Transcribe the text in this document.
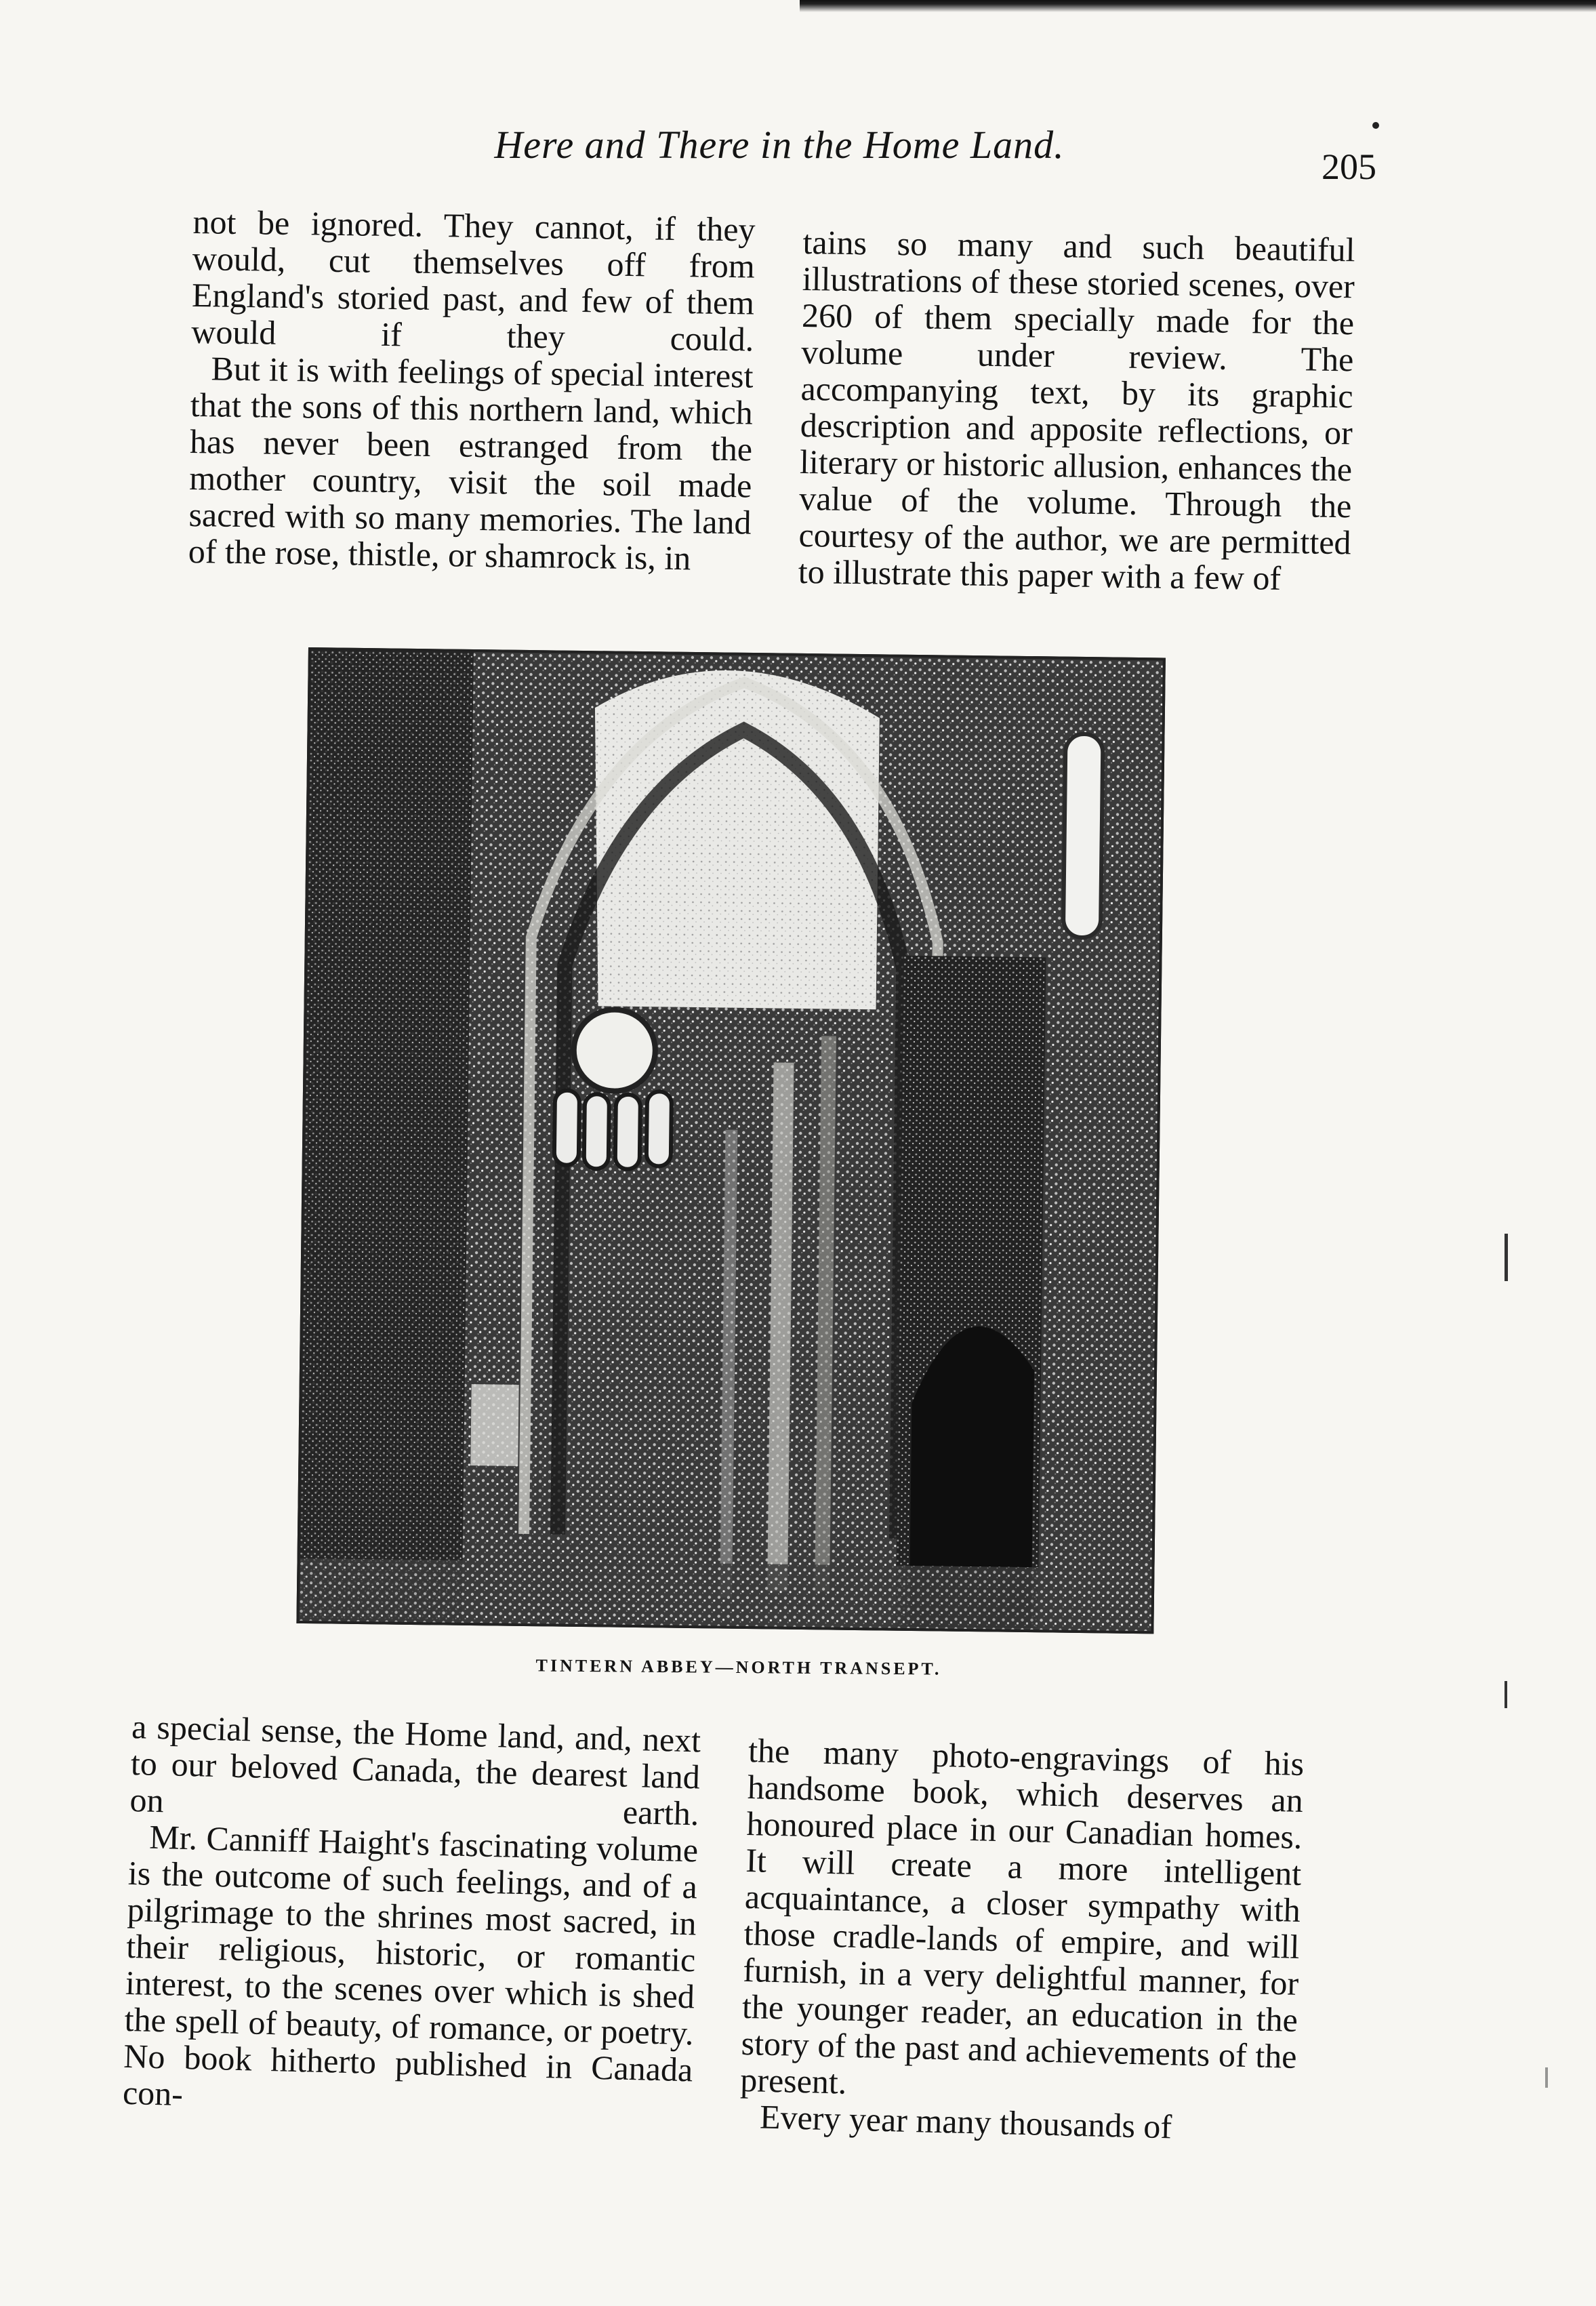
Here and There in the Home Land.	205

not be ignored. They cannot, if they would, cut themselves off from England's storied past, and few of them would if they could.

But it is with feelings of special interest that the sons of this northern land, which has never been estranged from the mother country, visit the soil made sacred with so many memories. The land of the rose, thistle, or shamrock is, in

tains so many and such beautiful illustrations of these storied scenes, over 260 of them specially made for the volume under review. The accompanying text, by its graphic description and apposite reflections, or literary or historic allusion, enhances the value of the volume. Through the courtesy of the author, we are permitted to illustrate this paper with a few of

TINTERN ABBEY—NORTH TRANSEPT.

a special sense, the Home land, and, next to our beloved Canada, the dearest land on earth.

Mr. Canniff Haight's fascinating volume is the outcome of such feelings, and of a pilgrimage to the shrines most sacred, in their religious, historic, or romantic interest, to the scenes over which is shed the spell of beauty, of romance, or poetry. No book hitherto published in Canada con-

the many photo-engravings of his handsome book, which deserves an honoured place in our Canadian homes. It will create a more intelligent acquaintance, a closer sympathy with those cradle-lands of empire, and will furnish, in a very delightful manner, for the younger reader, an education in the story of the past and achievements of the present.

Every year many thousands of
